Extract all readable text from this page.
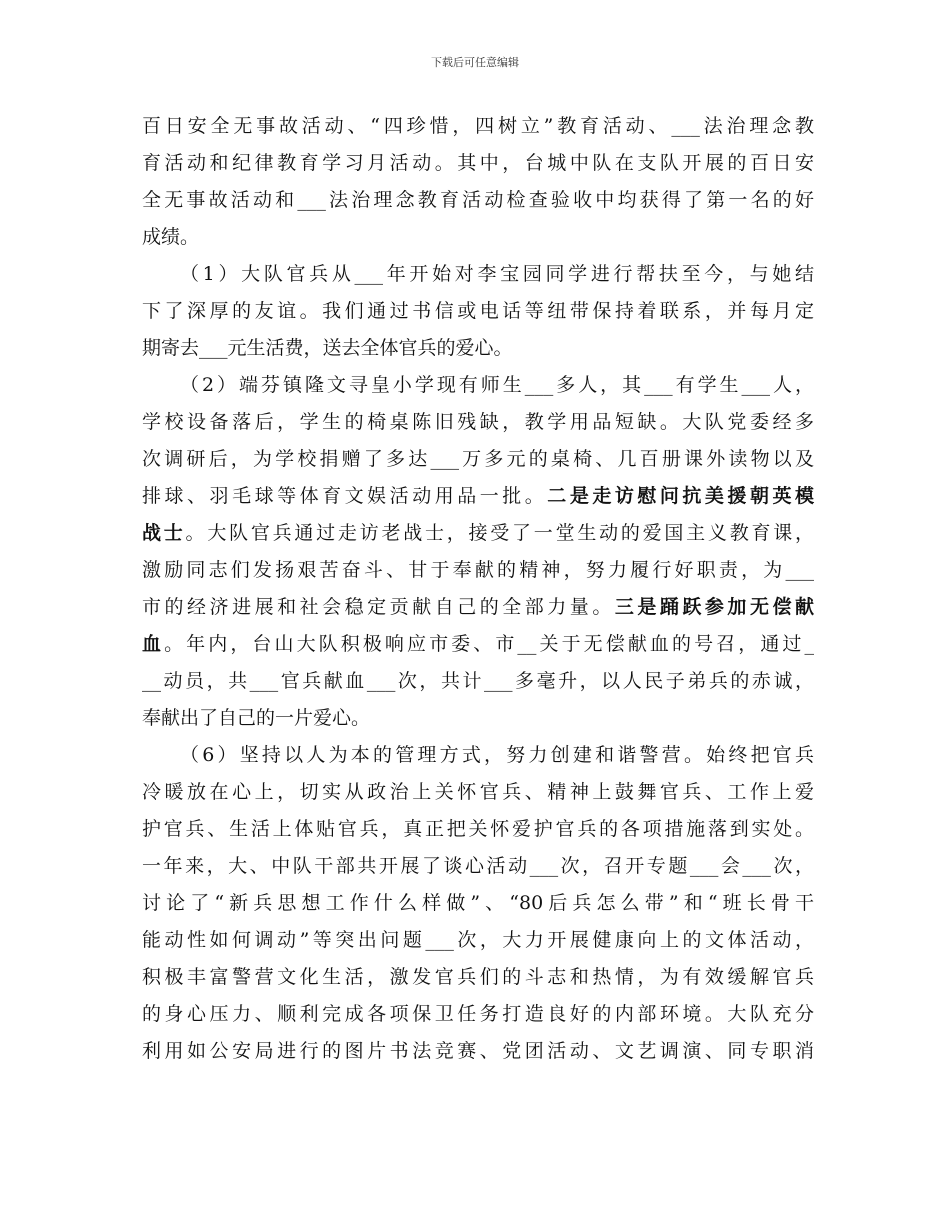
下载后可任意编辑
百日安全无事故活动、“四珍惜，四树立”教育活动、___法治理念教
育活动和纪律教育学习月活动。其中，台城中队在支队开展的百日安
全无事故活动和___法治理念教育活动检查验收中均获得了第一名的好
成绩。
（1）大队官兵从___年开始对李宝园同学进行帮扶至今，与她结
下了深厚的友谊。我们通过书信或电话等纽带保持着联系，并每月定
期寄去___元生活费，送去全体官兵的爱心。
（2）端芬镇隆文寻皇小学现有师生___多人，其___有学生___人，
学校设备落后，学生的椅桌陈旧残缺，教学用品短缺。大队党委经多
次调研后，为学校捐赠了多达___万多元的桌椅、几百册课外读物以及
排球、羽毛球等体育文娱活动用品一批。二是走访慰问抗美援朝英模
战士。大队官兵通过走访老战士，接受了一堂生动的爱国主义教育课，
激励同志们发扬艰苦奋斗、甘于奉献的精神，努力履行好职责，为___
市的经济进展和社会稳定贡献自己的全部力量。三是踊跃参加无偿献
血。年内，台山大队积极响应市委、市__关于无偿献血的号召，通过_
__动员，共___官兵献血___次，共计___多毫升，以人民子弟兵的赤诚，
奉献出了自己的一片爱心。
（6）坚持以人为本的管理方式，努力创建和谐警营。始终把官兵
冷暖放在心上，切实从政治上关怀官兵、精神上鼓舞官兵、工作上爱
护官兵、生活上体贴官兵，真正把关怀爱护官兵的各项措施落到实处。
一年来，大、中队干部共开展了谈心活动___次，召开专题___会___次，
讨论了“新兵思想工作什么样做”、“80后兵怎么带”和“班长骨干
能动性如何调动”等突出问题___次，大力开展健康向上的文体活动，
积极丰富警营文化生活，激发官兵们的斗志和热情，为有效缓解官兵
的身心压力、顺利完成各项保卫任务打造良好的内部环境。大队充分
利用如公安局进行的图片书法竞赛、党团活动、文艺调演、同专职消
